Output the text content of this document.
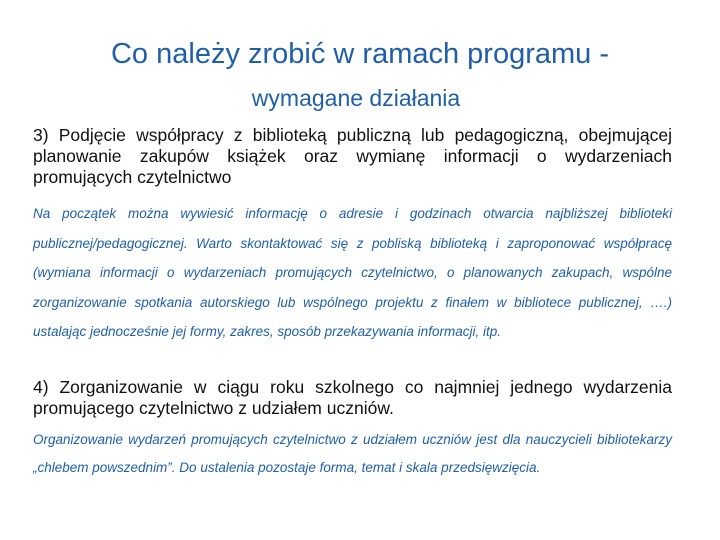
Co należy zrobić w ramach programu -
wymagane działania
3) Podjęcie współpracy z biblioteką publiczną lub pedagogiczną, obejmującej planowanie zakupów książek oraz wymianę informacji o wydarzeniach promujących czytelnictwo
Na początek można wywiesić informację o adresie i godzinach otwarcia najbliższej biblioteki publicznej/pedagogicznej. Warto skontaktować się z pobliską biblioteką i zaproponować współpracę (wymiana informacji o wydarzeniach promujących czytelnictwo, o planowanych zakupach, wspólne zorganizowanie spotkania autorskiego lub wspólnego projektu z finałem w bibliotece publicznej, ….) ustalając jednocześnie jej formy, zakres, sposób przekazywania informacji, itp.
4) Zorganizowanie w ciągu roku szkolnego co najmniej jednego wydarzenia promującego czytelnictwo z udziałem uczniów.
Organizowanie wydarzeń promujących czytelnictwo z udziałem uczniów jest dla nauczycieli bibliotekarzy „chlebem powszednim”. Do ustalenia pozostaje forma, temat i skala przedsięwzięcia.
